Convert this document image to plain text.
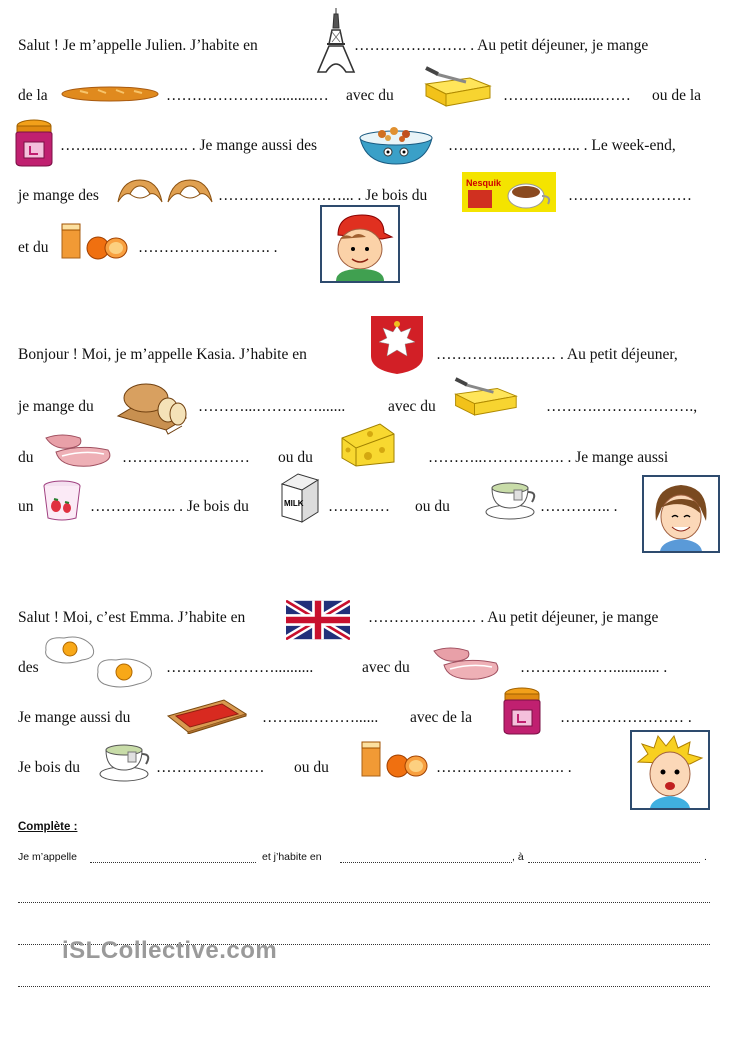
Salut ! Je m’appelle Julien. J’habite en	…………………. . Au petit déjeuner, je mange
de la	…………………..........… avec du	……….............…… ou de la
……...………….…. . Je mange aussi des	…………………….. . Le week-end,
je mange des	……………………... . Je bois du
Nesquik
……………………
et du	……………….……. .
Bonjour ! Moi, je m’appelle Kasia. J’habite en	…………...……… . Au petit déjeuner,
je mange du	………...………….......	avec du	……….……………….,
du	……….…………… ou du	………..……………. . Je mange aussi
un	…………….. . Je bois du	MILK ………… ou du	………….. .
Salut ! Moi, c’est Emma. J’habite en	………………… . Au petit déjeuner, je mange
des	…………………..........	avec du	………………............ .
Je mange aussi du	……....………...... avec de la	…………………… .
Je bois du	………………… ou du	……………………. .
Complète :
Je m’appelle	et j’habite en	, à	.
iSLCollective.com
